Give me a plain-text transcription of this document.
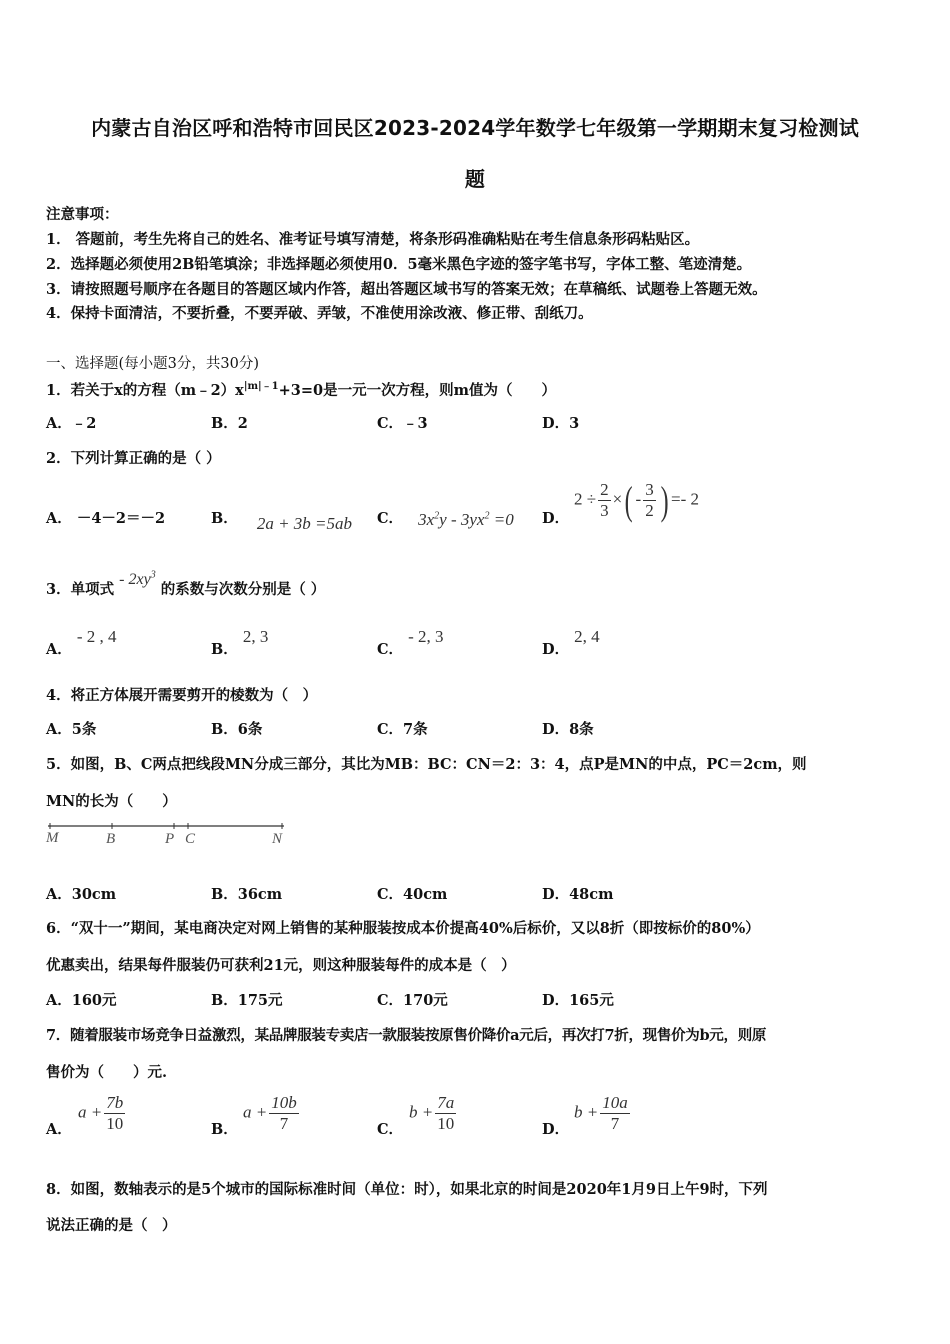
内蒙古自治区呼和浩特市回民区2023-2024学年数学七年级第一学期期末复习检测试
题
注意事项：
1． 答题前，考生先将自己的姓名、准考证号填写清楚，将条形码准确粘贴在考生信息条形码粘贴区。
2．选择题必须使用2B铅笔填涂；非选择题必须使用0．5毫米黑色字迹的签字笔书写，字体工整、笔迹清楚。
3．请按照题号顺序在各题目的答题区域内作答，超出答题区域书写的答案无效；在草稿纸、试题卷上答题无效。
4．保持卡面清洁，不要折叠，不要弄破、弄皱，不准使用涂改液、修正带、刮纸刀。
一、选择题(每小题3分，共30分)
1．若关于x的方程$(m﹣2)x^{|m|﹣1}+3=0$是一元一次方程，则m值为（　　）
A．﹣2	B．2	C．﹣3	D．3
2．下列计算正确的是（ ）
A． －4－2＝－2	B． 2a + 3b =5ab C． $3x^2y - 3yx^2 =0$ D．
$2 \div \frac{2}{3}$ ×( - $\frac{3}{2}$ ) =- 2
3．单项式 - $2xy^3$ 的系数与次数分别是（ ）
A． - 2 , 4
B． 2, 3
C． - 2, 3
D． 2, 4
4．将正方体展开需要剪开的棱数为（　）
A．5条	B．6条	C．7条	D．8条
5．如图，B、C两点把线段MN分成三部分，其比为MB：BC：CN＝2：3：4，点P是MN的中点，PC＝2cm，则
MN的长为（　　）
M	B	P C	N
A．30cm	B．36cm	C．40cm	D．48cm
6．“双十一”期间，某电商决定对网上销售的某种服装按成本价提高40%后标价，又以8折（即按标价的80%）
优惠卖出，结果每件服装仍可获利21元，则这种服装每件的成本是（　）
A．160元	B．175元	C．170元	D．165元
7．随着服装市场竞争日益激烈，某品牌服装专卖店一款服装按原售价降价a元后，再次打7折，现售价为b元，则原
售价为（　　）元.
A．
$a + \frac{7b}{10}$	B．
$a + \frac{10b}{7}$	C．
$b + \frac{7a}{10}$	D．
$b + \frac{10a}{7}$
8．如图，数轴表示的是5个城市的国际标准时间（单位：时），如果北京的时间是2020年1月9日上午9时，下列
说法正确的是（　）
